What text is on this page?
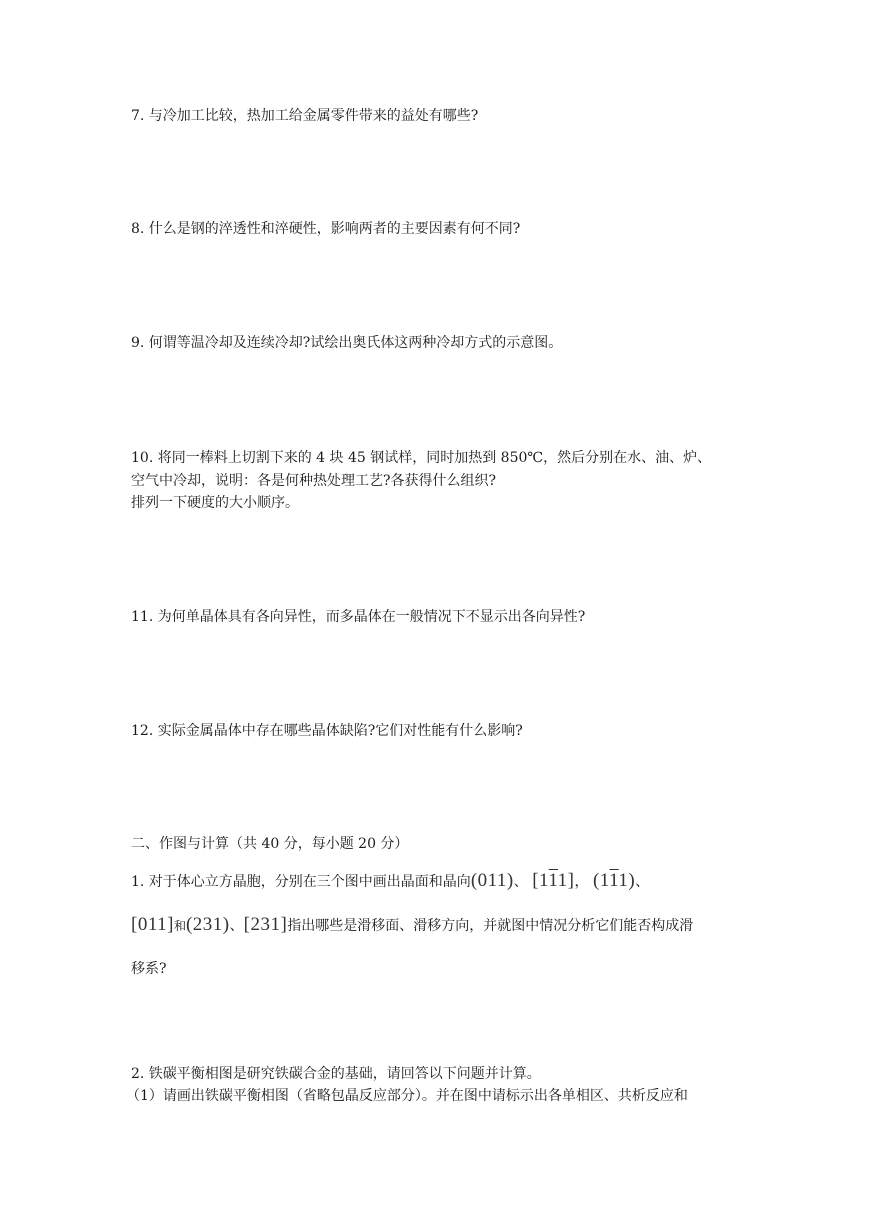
7. 与冷加工比较，热加工给金属零件带来的益处有哪些?

8. 什么是钢的淬透性和淬硬性，影响两者的主要因素有何不同?

9. 何谓等温冷却及连续冷却?试绘出奥氏体这两种冷却方式的示意图。

10. 将同一棒料上切割下来的 4 块 45 钢试样，同时加热到 850℃，然后分别在水、油、炉、

空气中冷却，说明：各是何种热处理工艺?各获得什么组织?

排列一下硬度的大小顺序。

11. 为何单晶体具有各向异性，而多晶体在一般情况下不显示出各向异性?

12. 实际金属晶体中存在哪些晶体缺陷?它们对性能有什么影响?

二、作图与计算（共 40 分，每小题 20 分）

1. 对于体心立方晶胞，分别在三个图中画出晶面和晶向(011)、 [111]， (111)、

[011]和(231)、[231]指出哪些是滑移面、滑移方向，并就图中情况分析它们能否构成滑

移系?

2. 铁碳平衡相图是研究铁碳合金的基础，请回答以下问题并计算。

（1）请画出铁碳平衡相图（省略包晶反应部分）。并在图中请标示出各单相区、共析反应和
